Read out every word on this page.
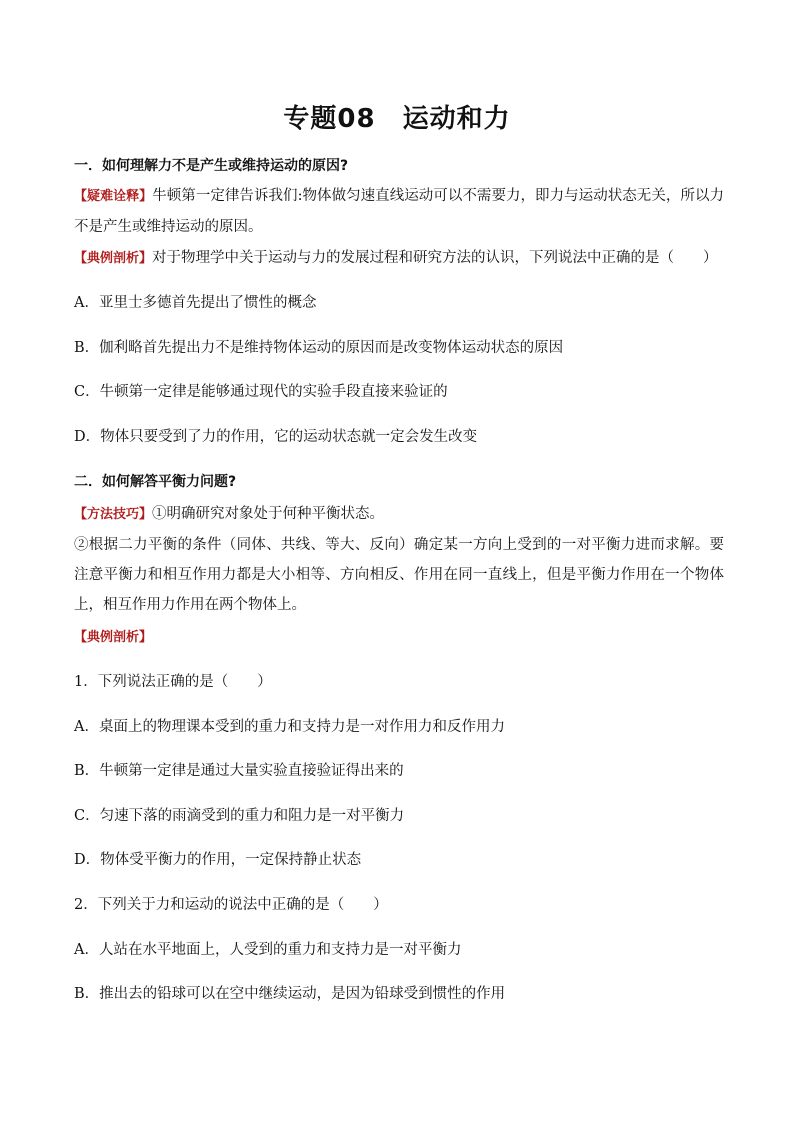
专题08　运动和力
一．如何理解力不是产生或维持运动的原因?
【疑难诠释】牛顿第一定律告诉我们:物体做匀速直线运动可以不需要力，即力与运动状态无关，所以力不是产生或维持运动的原因。
【典例剖析】对于物理学中关于运动与力的发展过程和研究方法的认识，下列说法中正确的是（　　）
A．亚里士多德首先提出了惯性的概念
B．伽利略首先提出力不是维持物体运动的原因而是改变物体运动状态的原因
C．牛顿第一定律是能够通过现代的实验手段直接来验证的
D．物体只要受到了力的作用，它的运动状态就一定会发生改变
二．如何解答平衡力问题?
【方法技巧】①明确研究对象处于何种平衡状态。
②根据二力平衡的条件（同体、共线、等大、反向）确定某一方向上受到的一对平衡力进而求解。要注意平衡力和相互作用力都是大小相等、方向相反、作用在同一直线上，但是平衡力作用在一个物体上，相互作用力作用在两个物体上。
【典例剖析】
1．下列说法正确的是（　　）
A．桌面上的物理课本受到的重力和支持力是一对作用力和反作用力
B．牛顿第一定律是通过大量实验直接验证得出来的
C．匀速下落的雨滴受到的重力和阻力是一对平衡力
D．物体受平衡力的作用，一定保持静止状态
2．下列关于力和运动的说法中正确的是（　　）
A．人站在水平地面上，人受到的重力和支持力是一对平衡力
B．推出去的铅球可以在空中继续运动，是因为铅球受到惯性的作用
